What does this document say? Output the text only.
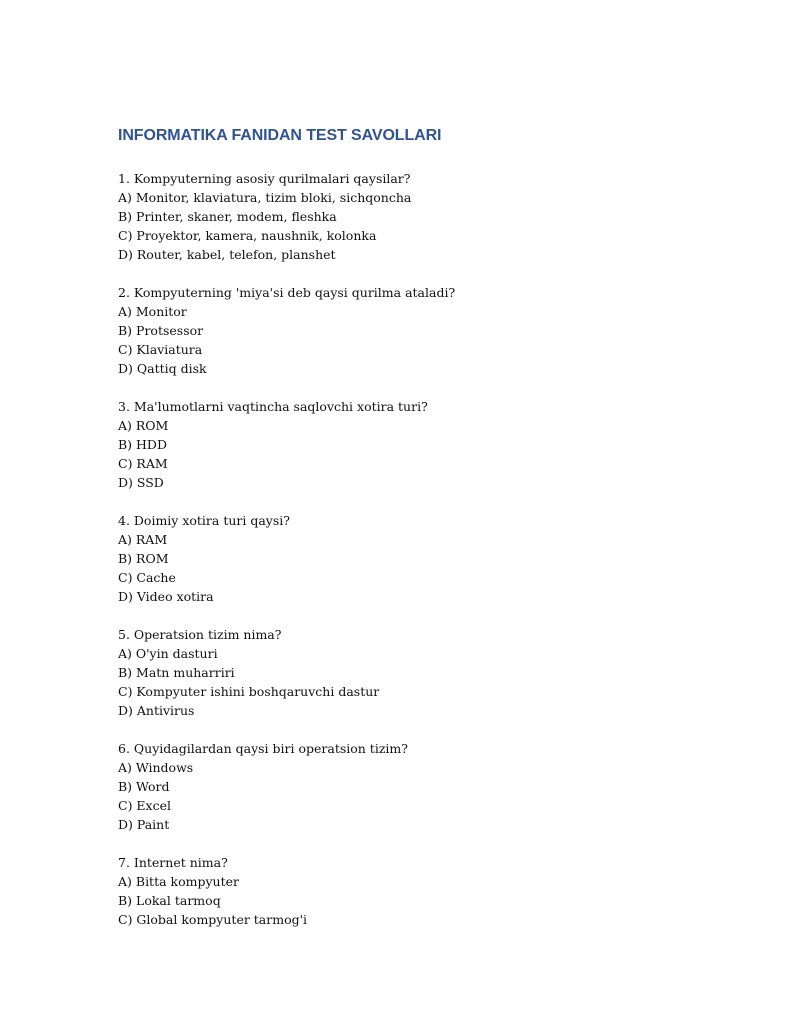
INFORMATIKA FANIDAN TEST SAVOLLARI

1. Kompyuterning asosiy qurilmalari qaysilar?

A) Monitor, klaviatura, tizim bloki, sichqoncha

B) Printer, skaner, modem, fleshka

C) Proyektor, kamera, naushnik, kolonka

D) Router, kabel, telefon, planshet

2. Kompyuterning 'miya'si deb qaysi qurilma ataladi?

A) Monitor

B) Protsessor

C) Klaviatura

D) Qattiq disk

3. Ma'lumotlarni vaqtincha saqlovchi xotira turi?

A) ROM

B) HDD

C) RAM

D) SSD

4. Doimiy xotira turi qaysi?

A) RAM

B) ROM

C) Cache

D) Video xotira

5. Operatsion tizim nima?

A) O'yin dasturi

B) Matn muharriri

C) Kompyuter ishini boshqaruvchi dastur

D) Antivirus

6. Quyidagilardan qaysi biri operatsion tizim?

A) Windows

B) Word

C) Excel

D) Paint

7. Internet nima?

A) Bitta kompyuter

B) Lokal tarmoq

C) Global kompyuter tarmog'i
